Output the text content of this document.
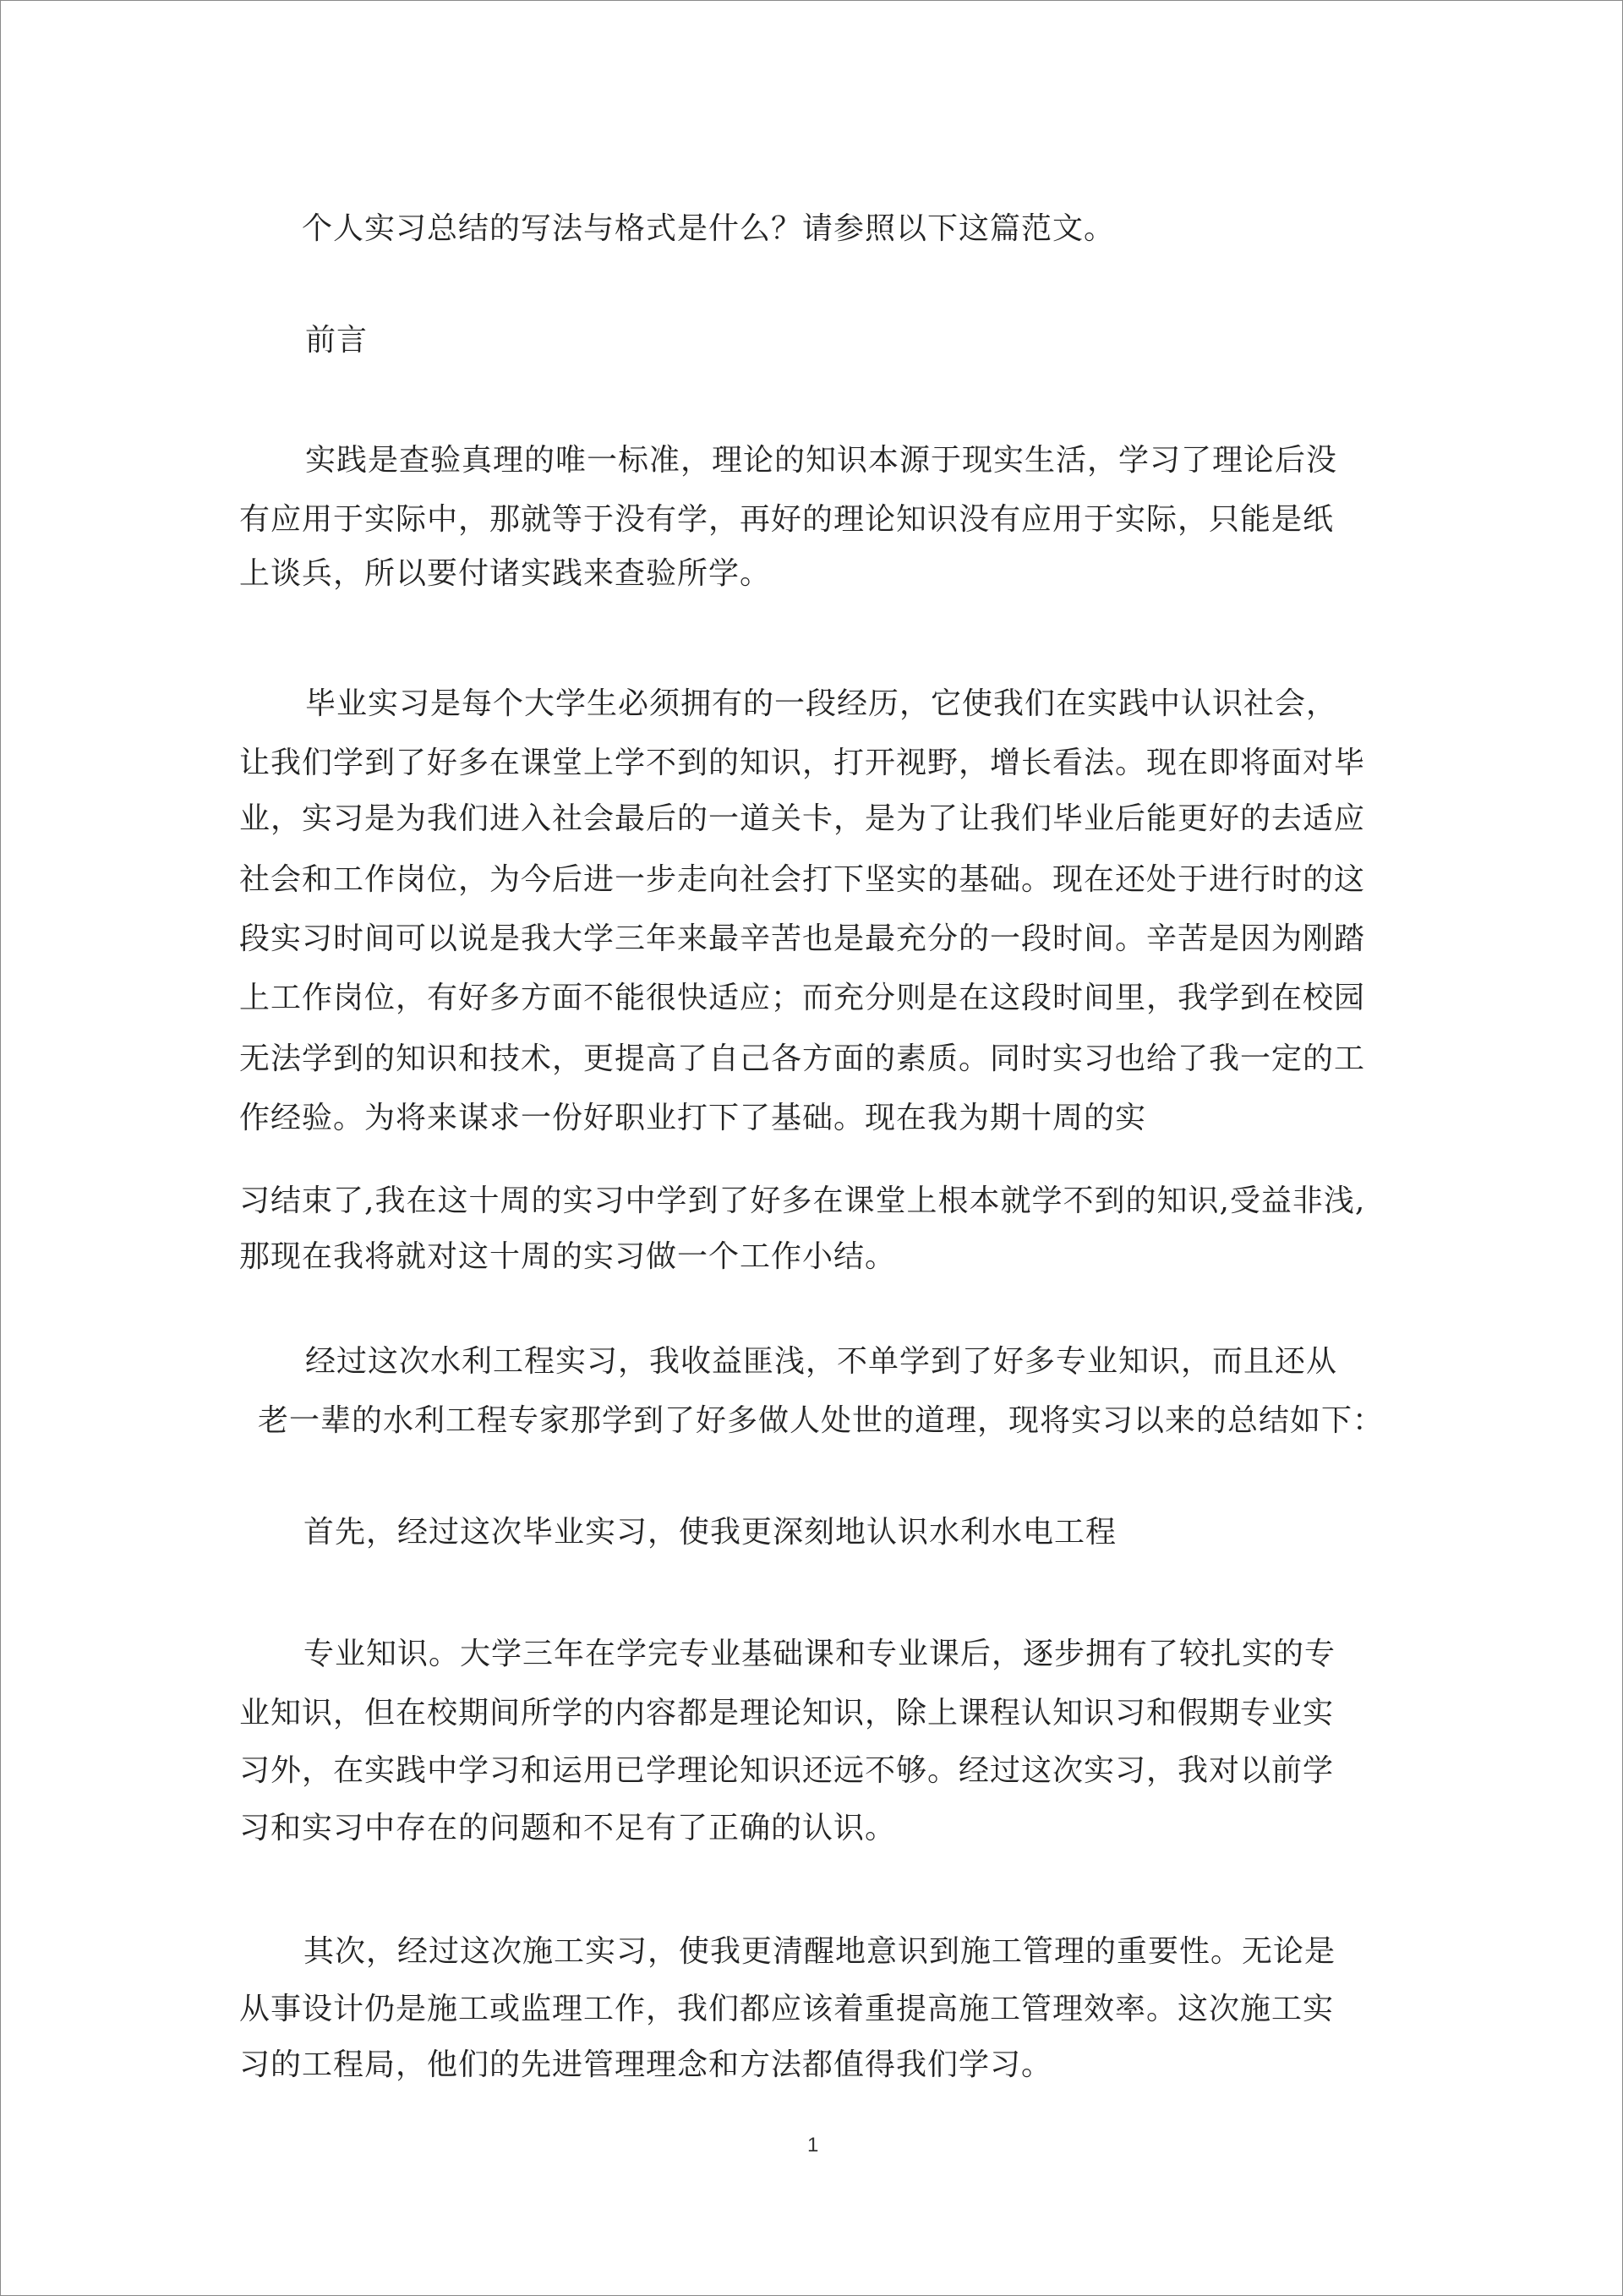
个人实习总结的写法与格式是什么？请参照以下这篇范文。
前言
实践是查验真理的唯一标准，理论的知识本源于现实生活，学习了理论后没
有应用于实际中，那就等于没有学，再好的理论知识没有应用于实际，只能是纸
上谈兵，所以要付诸实践来查验所学。
毕业实习是每个大学生必须拥有的一段经历，它使我们在实践中认识社会，
让我们学到了好多在课堂上学不到的知识，打开视野，增长看法。现在即将面对毕
业，实习是为我们进入社会最后的一道关卡，是为了让我们毕业后能更好的去适应
社会和工作岗位，为今后进一步走向社会打下坚实的基础。现在还处于进行时的这
段实习时间可以说是我大学三年来最辛苦也是最充分的一段时间。辛苦是因为刚踏
上工作岗位，有好多方面不能很快适应；而充分则是在这段时间里，我学到在校园
无法学到的知识和技术，更提高了自己各方面的素质。同时实习也给了我一定的工
作经验。为将来谋求一份好职业打下了基础。现在我为期十周的实
习结束了,我在这十周的实习中学到了好多在课堂上根本就学不到的知识,受益非浅,
那现在我将就对这十周的实习做一个工作小结。
经过这次水利工程实习，我收益匪浅，不单学到了好多专业知识，而且还从
老一辈的水利工程专家那学到了好多做人处世的道理，现将实习以来的总结如下：
首先，经过这次毕业实习，使我更深刻地认识水利水电工程
专业知识。大学三年在学完专业基础课和专业课后，逐步拥有了较扎实的专
业知识，但在校期间所学的内容都是理论知识，除上课程认知识习和假期专业实
习外，在实践中学习和运用已学理论知识还远不够。经过这次实习，我对以前学
习和实习中存在的问题和不足有了正确的认识。
其次，经过这次施工实习，使我更清醒地意识到施工管理的重要性。无论是
从事设计仍是施工或监理工作，我们都应该着重提高施工管理效率。这次施工实
习的工程局，他们的先进管理理念和方法都值得我们学习。
1
